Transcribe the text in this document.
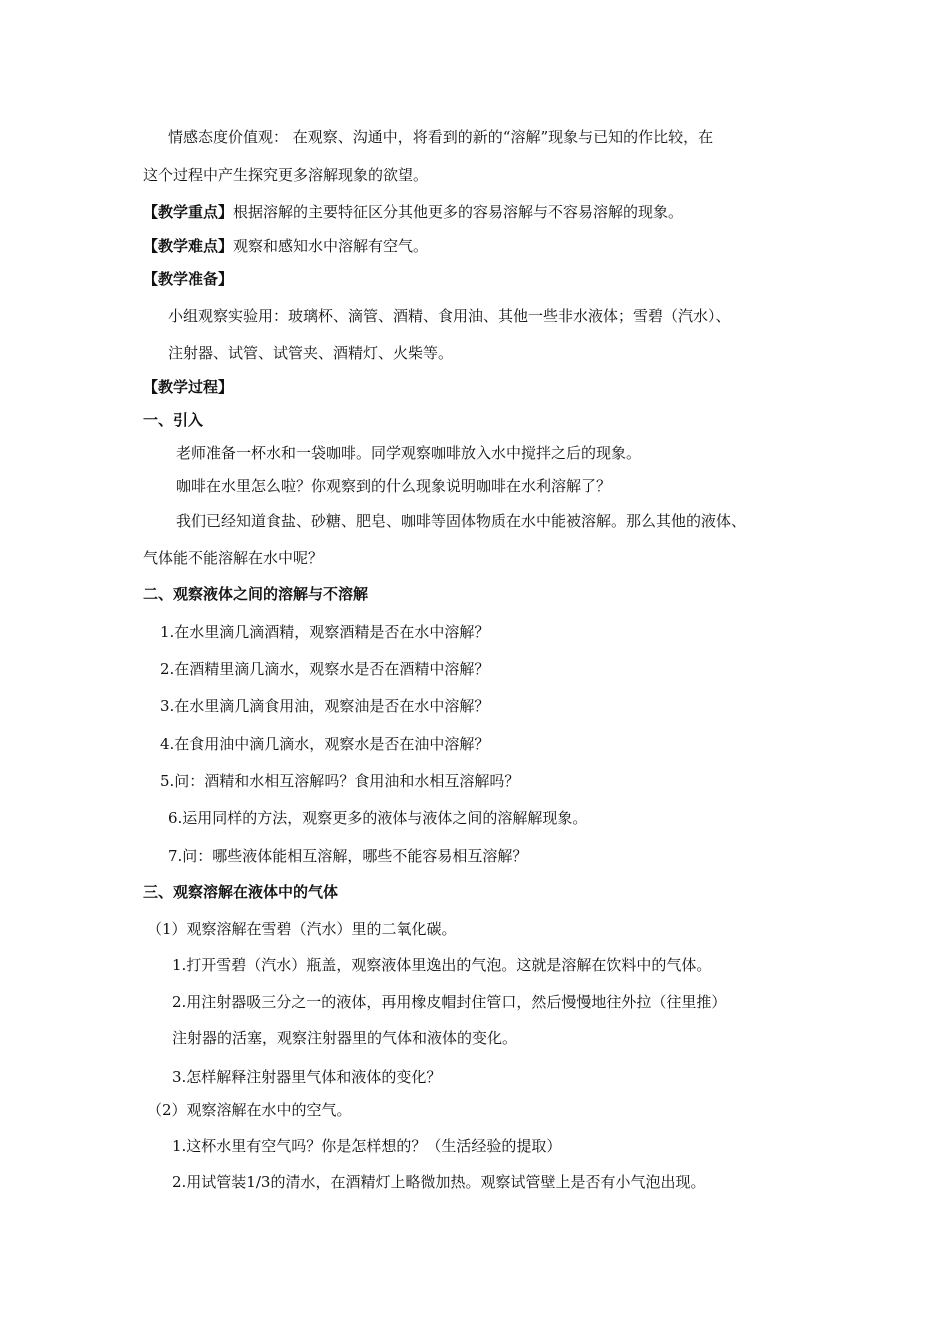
情感态度价值观： 在观察、沟通中，将看到的新的“溶解”现象与已知的作比较，在
这个过程中产生探究更多溶解现象的欲望。
【教学重点】根据溶解的主要特征区分其他更多的容易溶解与不容易溶解的现象。
【教学难点】观察和感知水中溶解有空气。
【教学准备】
小组观察实验用：玻璃杯、滴管、酒精、食用油、其他一些非水液体；雪碧（汽水）、
注射器、试管、试管夹、酒精灯、火柴等。
【教学过程】
一、引入
老师准备一杯水和一袋咖啡。同学观察咖啡放入水中搅拌之后的现象。
咖啡在水里怎么啦？你观察到的什么现象说明咖啡在水利溶解了？
我们已经知道食盐、砂糖、肥皂、咖啡等固体物质在水中能被溶解。那么其他的液体、
气体能不能溶解在水中呢？
二、观察液体之间的溶解与不溶解
1.在水里滴几滴酒精，观察酒精是否在水中溶解？
2.在酒精里滴几滴水，观察水是否在酒精中溶解？
3.在水里滴几滴食用油，观察油是否在水中溶解？
4.在食用油中滴几滴水，观察水是否在油中溶解？
5.问：酒精和水相互溶解吗？食用油和水相互溶解吗？
6.运用同样的方法，观察更多的液体与液体之间的溶解解现象。
7.问：哪些液体能相互溶解，哪些不能容易相互溶解？
三、观察溶解在液体中的气体
（1）观察溶解在雪碧（汽水）里的二氧化碳。
1.打开雪碧（汽水）瓶盖，观察液体里逸出的气泡。这就是溶解在饮料中的气体。
2.用注射器吸三分之一的液体，再用橡皮帽封住管口，然后慢慢地往外拉（往里推）
注射器的活塞，观察注射器里的气体和液体的变化。
3.怎样解释注射器里气体和液体的变化？
（2）观察溶解在水中的空气。
1.这杯水里有空气吗？你是怎样想的？（生活经验的提取）
2.用试管装1/3的清水，在酒精灯上略微加热。观察试管壁上是否有小气泡出现。
